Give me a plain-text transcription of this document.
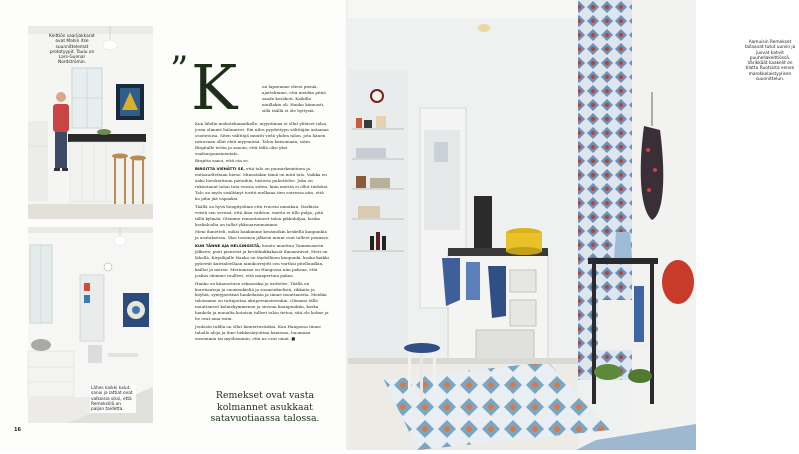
Keittiön saarijakkarat ovat Mahin itse suunnittelemat prototyypit. Taulu on Lars-Gunnar Nordströmin.
Lähes kaikki kalut, sanoi ja lattiat ovat valkoisia siksi, että Remeksillä on paljon taidetta.
” K	un lapsemme olivat pieniä, ajattelimme, että meidän pitää saada kesäkoti. Kaikilla muillakin oli. Hanko kiinnosti, sillä täällä ei ole hyttysiä.

Kun lähdin mokotekamatkalle, myyntimaa ei ollut ylitäset talsa, jossa olimme halunneet. Em nilos pyydettyyn välittäjän antamaa osoitetoisa. Siten välittäjä muutti vielä yhden talon, jota hänen ratravaan ollut ehtä myynnissä. Talon katsomaan, sotin Birgitalle tröön ja sanoin, että tällä olisi yksi vaalearpunainentalo.

Birgitta sanoi, että ota se.

BIRGITTA VIEHÄTTI SE, että talo on puusarkeintinen ja entisaudtettaan hieno. Minustakin tämä on mitä talo. Vaikka en aako berskoittuun pietuihin, historia puhuttelee. Joka on rakentanut talon tuta vuosia sitten, kuin meistä ei ollut tiedoksi. Talo on myös sisältänyt toritit melkana tien varressa niin, että ko piha jää vapaaksi.

Täällä on hyvä hengityslima että tvuovia minukan. Narkista veistä sen serissä, että ilma vaihtuu, enetta ei tillo pulpo, pitä tällä kylmää. Olemme remontoineet talon pikkuhiljaa, koska korkaloolta on tullut ykkouarunmomme.

Meni ihmetteli, miksi hankimme kesämökin keskellä kaupunkia ja asutuksessa. Ykoi tosiensa jälkeen miunt ovat tulleet pemissä.

KUN TÄNNE AJA HELSINGISTÄ, luonto muuttuu Tammisaaren jälkeen; puut pienevät ja kevätkukkakasat ilmaantuvat. Meri on lähellä. Kirjailijalle Hanko on täydellinen kaupunki, koska kaikki pyörivät kuivinleellaan nimikorrejitti sen varthui pitelluudlan, kaillot ja meren. Merinarma on Hangossa niin paksua, että joskus olemme tuulleet, että maapertina pakaa.

Hanko on kiinnostava sekaoraksi ja esittelee. Täällä on koretiautoja ja suomenkieliä ja suomenkielisiä, rikkaita ja köyhiä, syntyperäisiä hankolaisia ja tänne muuttaneita. Meidän taloismme on tuttigottaa aktipersineistenkin. Olemme tällä muuttaneet kolmekymmenen ja siivoun kaunpunkiin, koska hankola ja muualta kotoisin tulleet talon tietoa, sitä ole kolme ja he ovat aina esiin.

Joulusta tulilla on ollut kinnertuväsiksi. Kun Hangossa tänne taholla aloja ja ihne hekkesärjoittaa hamessa, huomaan ensemmin tai myöhemmin, että ne ovat omat. ■

Remekset ovat vasta kolmannet asukkaat satavuotiaassa talossa.
16
Aamuisin Remekset tallaavat tutut uuniin ja juovat kahvit puuhellakeittiössä. Värikkäät kaakelit on tilattu Ruotsista ennen marokkolaistyylisen suunnittelun.
